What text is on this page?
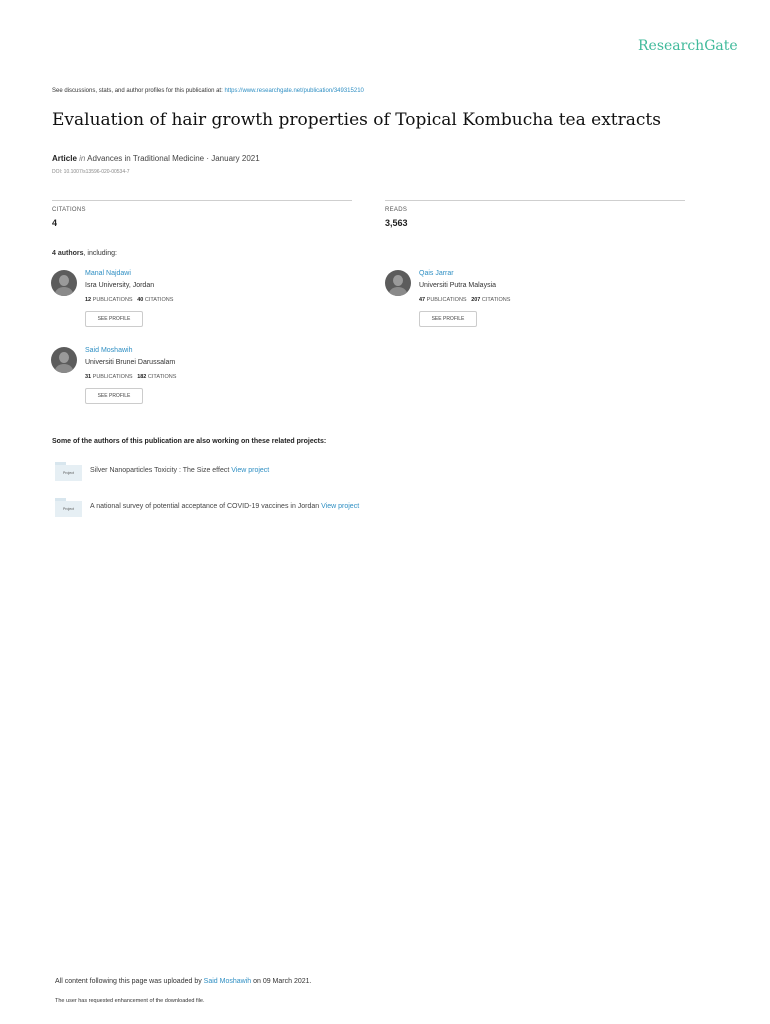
ResearchGate
See discussions, stats, and author profiles for this publication at: https://www.researchgate.net/publication/349315210
Evaluation of hair growth properties of Topical Kombucha tea extracts
Article in Advances in Traditional Medicine · January 2021
DOI: 10.1007/s13596-020-00534-7
CITATIONS
4
READS
3,563
4 authors, including:
Manal Najdawi
Isra University, Jordan
12 PUBLICATIONS 40 CITATIONS
SEE PROFILE
Qais Jarrar
Universiti Putra Malaysia
47 PUBLICATIONS 207 CITATIONS
SEE PROFILE
Said Moshawih
Universiti Brunei Darussalam
31 PUBLICATIONS 182 CITATIONS
SEE PROFILE
Some of the authors of this publication are also working on these related projects:
Project	Silver Nanoparticles Toxicity : The Size effect View project
Project	A national survey of potential acceptance of COVID-19 vaccines in Jordan View project
All content following this page was uploaded by Said Moshawih on 09 March 2021.
The user has requested enhancement of the downloaded file.
